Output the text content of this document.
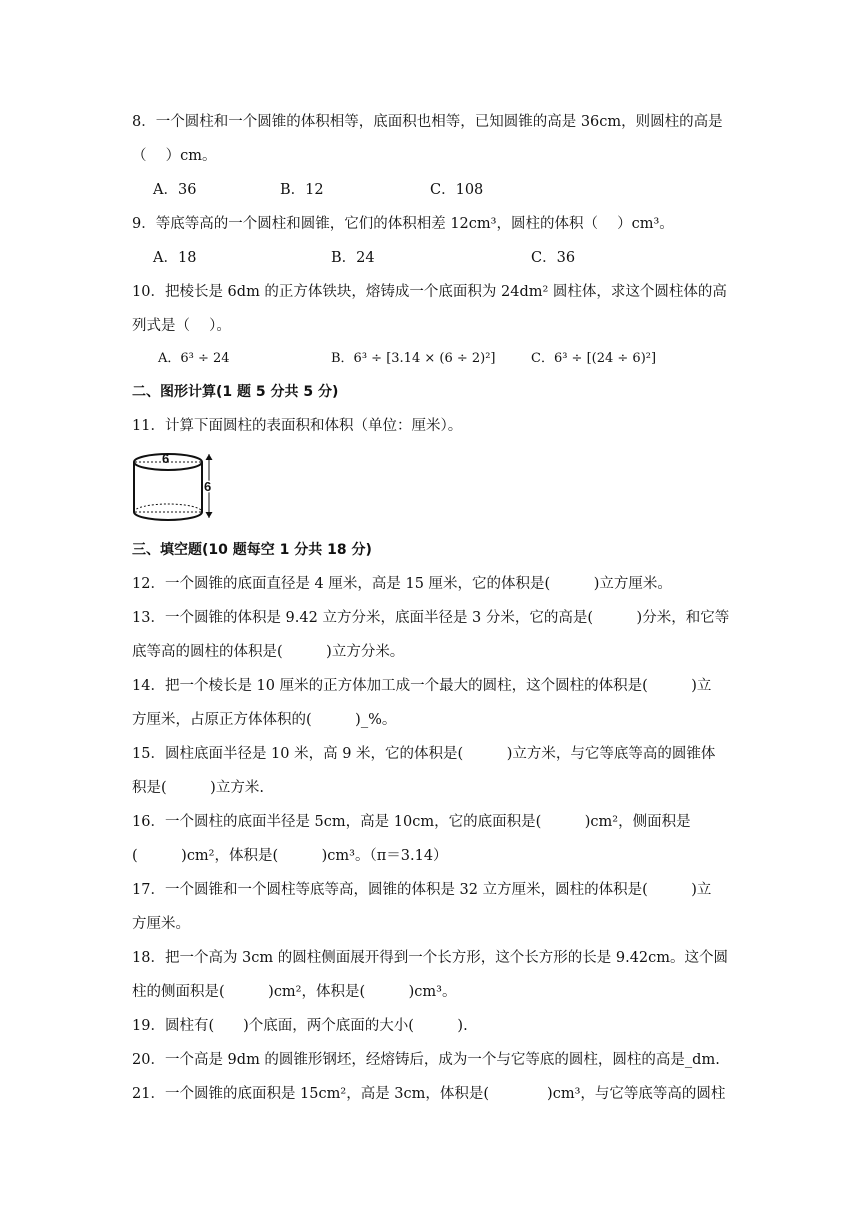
8．一个圆柱和一个圆锥的体积相等，底面积也相等，已知圆锥的高是 36cm，则圆柱的高是
（　 ）cm。
A．36	B．12	C．108
9．等底等高的一个圆柱和圆锥，它们的体积相差 12cm³，圆柱的体积（　 ）cm³。
A．18	B．24	C．36
10．把棱长是 6dm 的正方体铁块，熔铸成一个底面积为 24dm² 圆柱体，求这个圆柱体的高
列式是（　 ）。
A．6³ ÷ 24	B．6³ ÷ [3.14 × (6 ÷ 2)²]	C．6³ ÷ [(24 ÷ 6)²]
二、图形计算(1 题 5 分共 5 分)
11．计算下面圆柱的表面积和体积（单位：厘米）。
6
6
三、填空题(10 题每空 1 分共 18 分)
12．一个圆锥的底面直径是 4 厘米，高是 15 厘米，它的体积是(　　　)立方厘米。
13．一个圆锥的体积是 9.42 立方分米，底面半径是 3 分米，它的高是(　　　)分米，和它等
底等高的圆柱的体积是(　　　)立方分米。
14．把一个棱长是 10 厘米的正方体加工成一个最大的圆柱，这个圆柱的体积是(　　　)立
方厘米，占原正方体体积的(　　　)_%。
15．圆柱底面半径是 10 米，高 9 米，它的体积是(　　　)立方米，与它等底等高的圆锥体
积是(　　　)立方米.
16．一个圆柱的底面半径是 5cm，高是 10cm，它的底面积是(　　　)cm²，侧面积是
(　　　)cm²，体积是(　　　)cm³。（π＝3.14）
17．一个圆锥和一个圆柱等底等高，圆锥的体积是 32 立方厘米，圆柱的体积是(　　　)立
方厘米。
18．把一个高为 3cm 的圆柱侧面展开得到一个长方形，这个长方形的长是 9.42cm。这个圆
柱的侧面积是(　　　)cm²，体积是(　　　)cm³。
19．圆柱有(　　)个底面，两个底面的大小(　　　).
20．一个高是 9dm 的圆锥形钢坯，经熔铸后，成为一个与它等底的圆柱，圆柱的高是_dm.
21．一个圆锥的底面积是 15cm²，高是 3cm，体积是(　　　　)cm³，与它等底等高的圆柱
